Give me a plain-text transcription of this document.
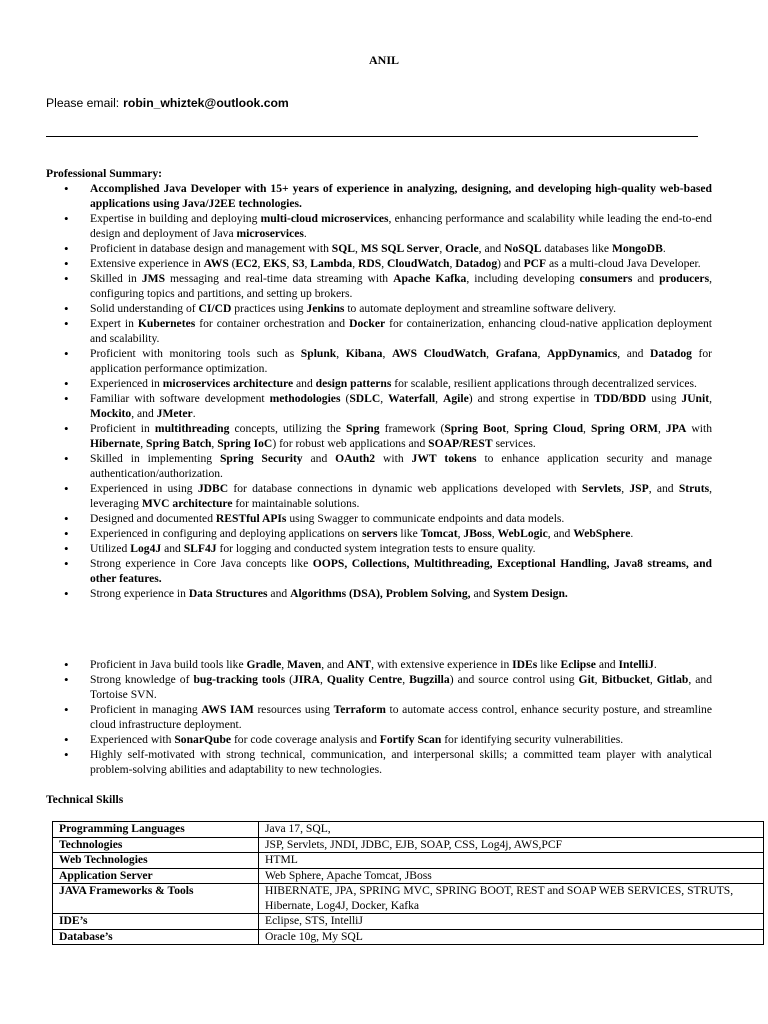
ANIL
Please email: robin_whiztek@outlook.com
Professional Summary:
• Accomplished Java Developer with 15+ years of experience in analyzing, designing, and developing high-quality web-based applications using Java/J2EE technologies.
• Expertise in building and deploying multi-cloud microservices, enhancing performance and scalability while leading the end-to-end design and deployment of Java microservices.
• Proficient in database design and management with SQL, MS SQL Server, Oracle, and NoSQL databases like MongoDB.
• Extensive experience in AWS (EC2, EKS, S3, Lambda, RDS, CloudWatch, Datadog) and PCF as a multi-cloud Java Developer.
• Skilled in JMS messaging and real-time data streaming with Apache Kafka, including developing consumers and producers, configuring topics and partitions, and setting up brokers.
• Solid understanding of CI/CD practices using Jenkins to automate deployment and streamline software delivery.
• Expert in Kubernetes for container orchestration and Docker for containerization, enhancing cloud-native application deployment and scalability.
• Proficient with monitoring tools such as Splunk, Kibana, AWS CloudWatch, Grafana, AppDynamics, and Datadog for application performance optimization.
• Experienced in microservices architecture and design patterns for scalable, resilient applications through decentralized services.
• Familiar with software development methodologies (SDLC, Waterfall, Agile) and strong expertise in TDD/BDD using JUnit, Mockito, and JMeter.
• Proficient in multithreading concepts, utilizing the Spring framework (Spring Boot, Spring Cloud, Spring ORM, JPA with Hibernate, Spring Batch, Spring IoC) for robust web applications and SOAP/REST services.
• Skilled in implementing Spring Security and OAuth2 with JWT tokens to enhance application security and manage authentication/authorization.
• Experienced in using JDBC for database connections in dynamic web applications developed with Servlets, JSP, and Struts, leveraging MVC architecture for maintainable solutions.
• Designed and documented RESTful APIs using Swagger to communicate endpoints and data models.
• Experienced in configuring and deploying applications on servers like Tomcat, JBoss, WebLogic, and WebSphere.
• Utilized Log4J and SLF4J for logging and conducted system integration tests to ensure quality.
• Strong experience in Core Java concepts like OOPS, Collections, Multithreading, Exceptional Handling, Java8 streams, and other features.
• Strong experience in Data Structures and Algorithms (DSA), Problem Solving, and System Design.
• Proficient in Java build tools like Gradle, Maven, and ANT, with extensive experience in IDEs like Eclipse and IntelliJ.
• Strong knowledge of bug-tracking tools (JIRA, Quality Centre, Bugzilla) and source control using Git, Bitbucket, Gitlab, and Tortoise SVN.
• Proficient in managing AWS IAM resources using Terraform to automate access control, enhance security posture, and streamline cloud infrastructure deployment.
• Experienced with SonarQube for code coverage analysis and Fortify Scan for identifying security vulnerabilities.
• Highly self-motivated with strong technical, communication, and interpersonal skills; a committed team player with analytical problem-solving abilities and adaptability to new technologies.
Technical Skills
Programming Languages	Java 17, SQL,
Technologies	JSP, Servlets, JNDI, JDBC, EJB, SOAP, CSS, Log4j, AWS,PCF
Web Technologies	HTML
Application Server	Web Sphere, Apache Tomcat, JBoss
JAVA Frameworks & Tools	HIBERNATE, JPA, SPRING MVC, SPRING BOOT, REST and SOAP WEB SERVICES, STRUTS, Hibernate, Log4J, Docker, Kafka
IDE’s	Eclipse, STS, IntelliJ
Database’s	Oracle 10g, My SQL
